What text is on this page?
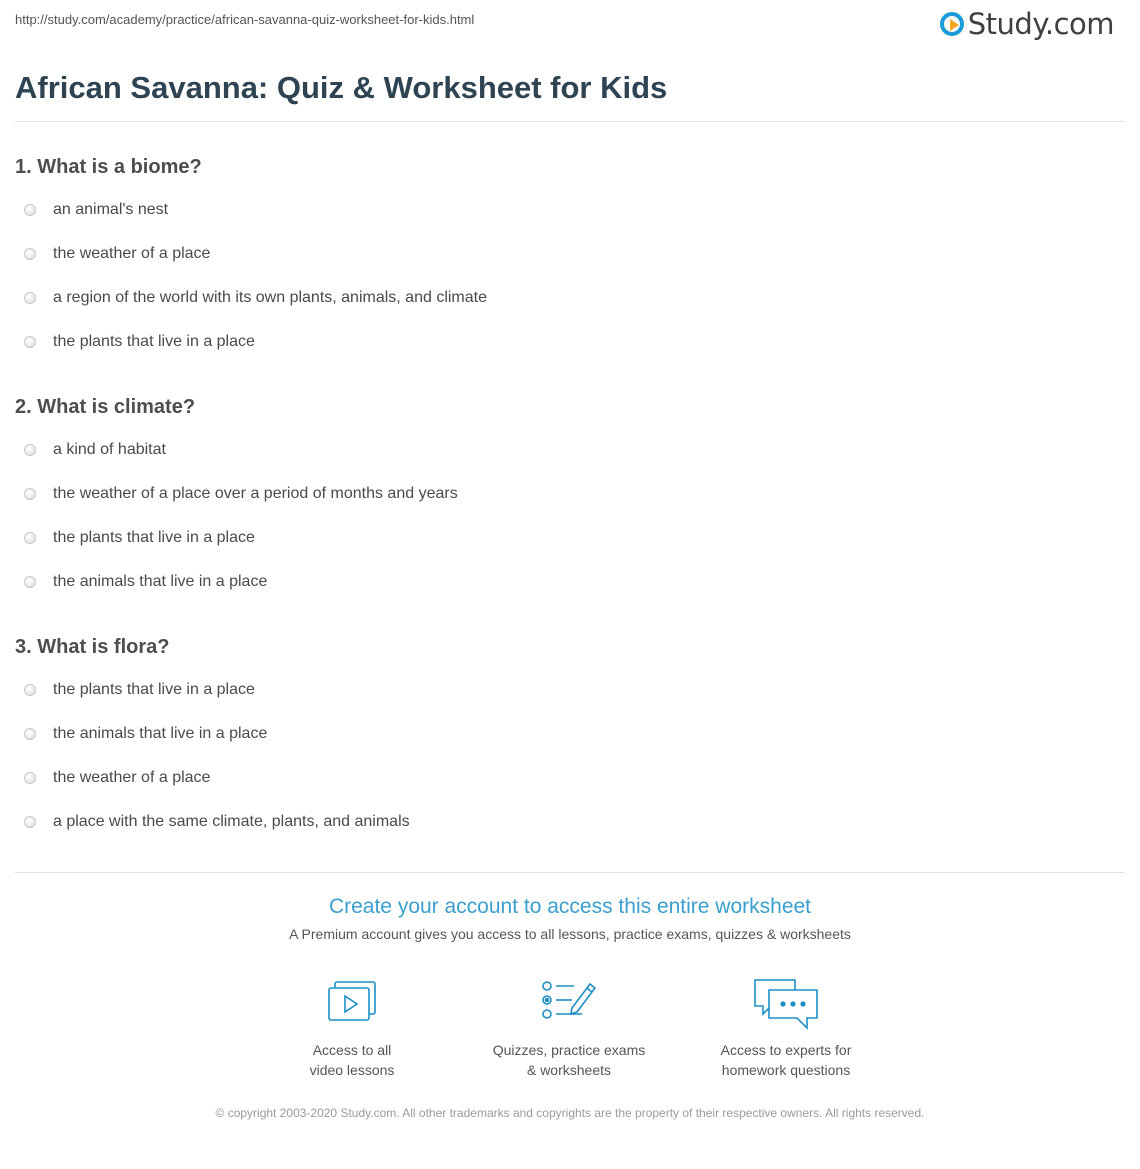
http://study.com/academy/practice/african-savanna-quiz-worksheet-for-kids.html	Study.com
African Savanna: Quiz & Worksheet for Kids
1. What is a biome?
an animal's nest
the weather of a place
a region of the world with its own plants, animals, and climate
the plants that live in a place
2. What is climate?
a kind of habitat
the weather of a place over a period of months and years
the plants that live in a place
the animals that live in a place
3. What is flora?
the plants that live in a place
the animals that live in a place
the weather of a place
a place with the same climate, plants, and animals
Create your account to access this entire worksheet
A Premium account gives you access to all lessons, practice exams, quizzes & worksheets
Access to all
video lessons
Quizzes, practice exams
& worksheets
Access to experts for
homework questions
© copyright 2003-2020 Study.com. All other trademarks and copyrights are the property of their respective owners. All rights reserved.
